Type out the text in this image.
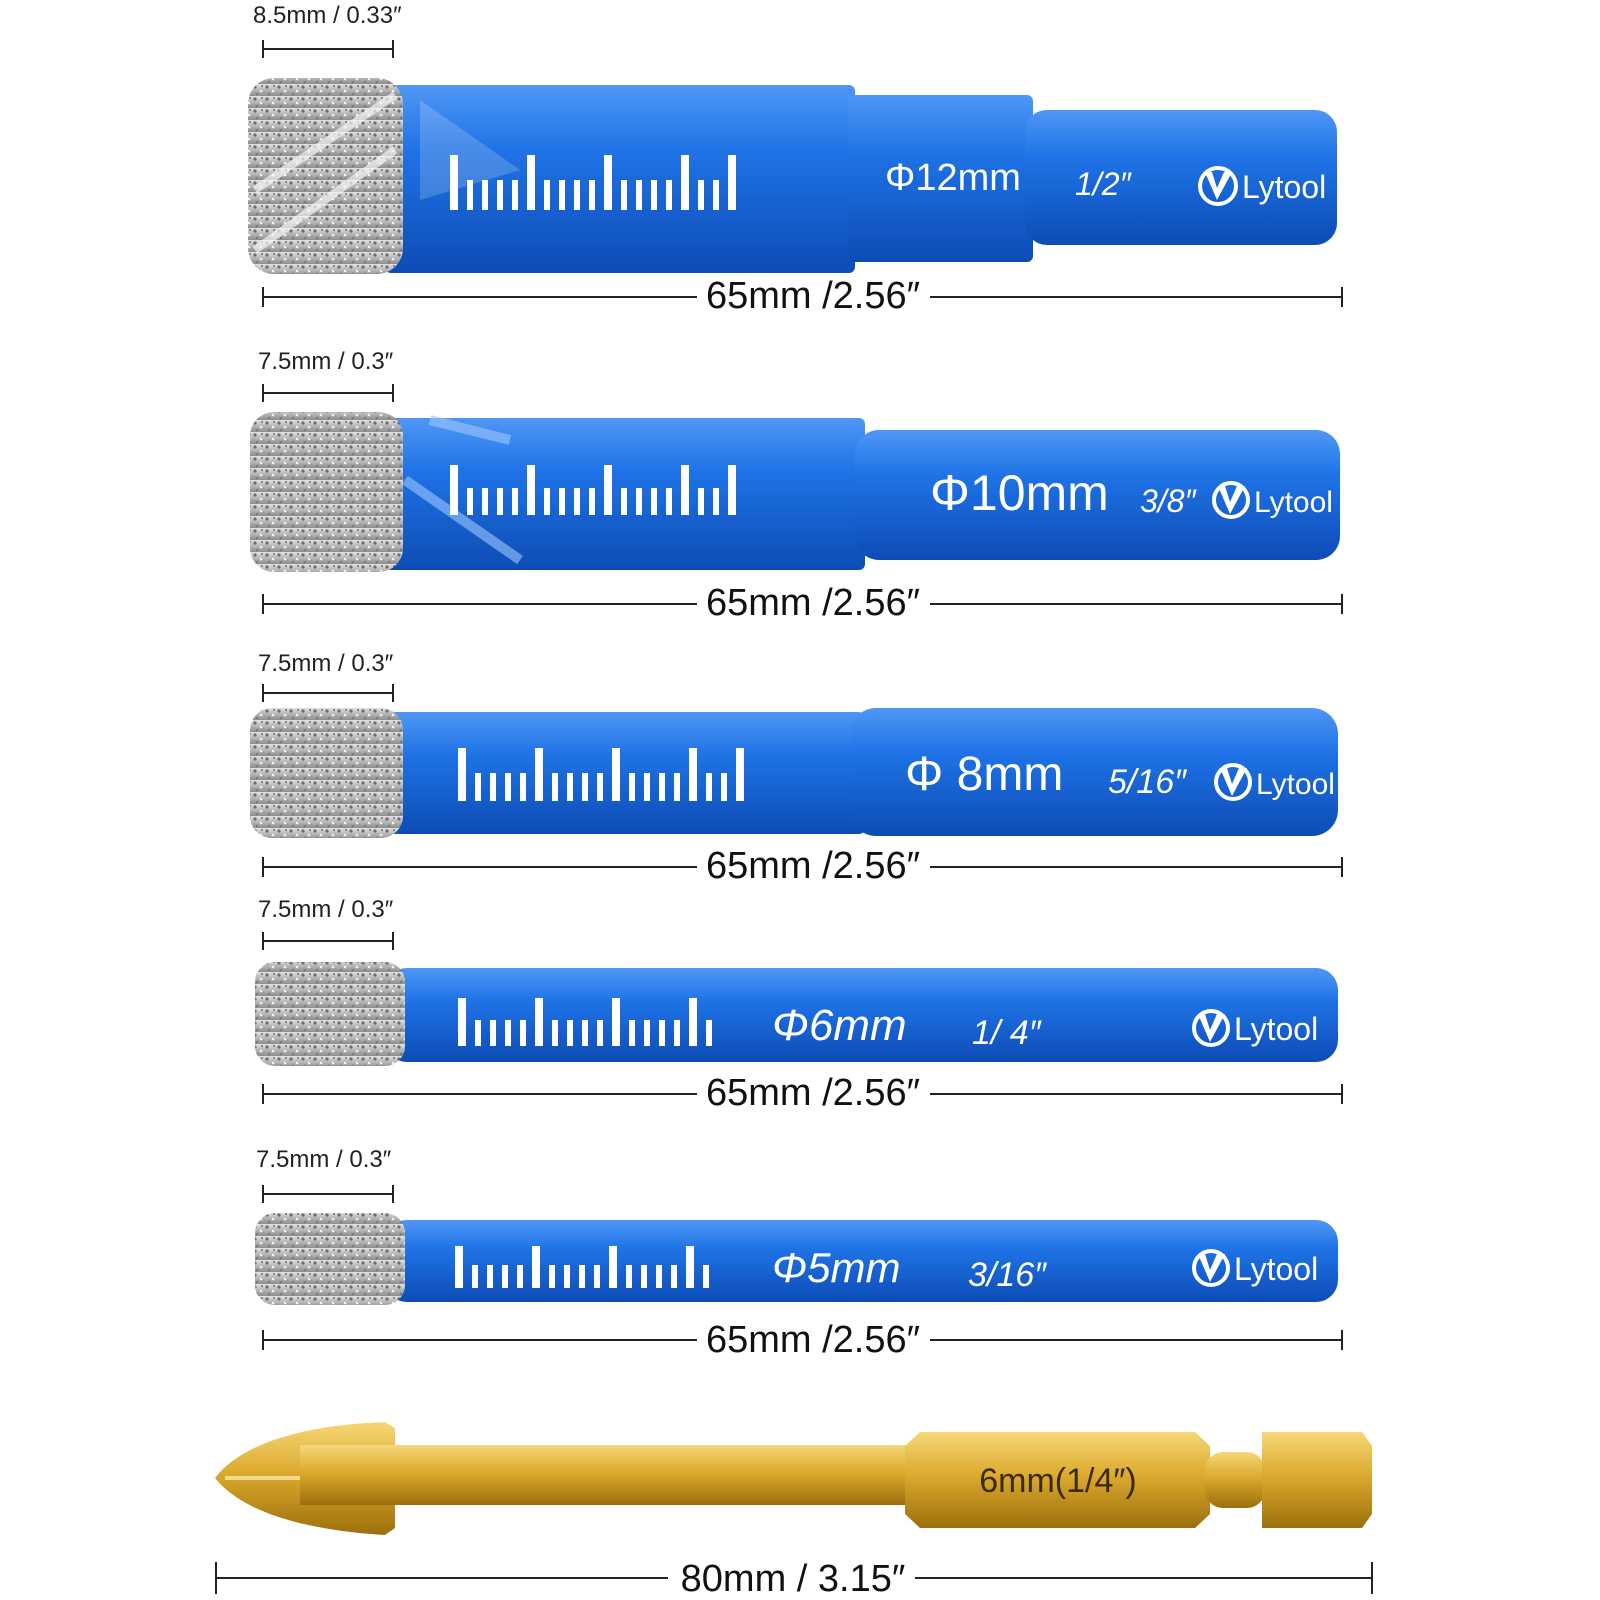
8.5mm / 0.33″
Φ12mm 1/2″	Lytool
65mm /2.56″
7.5mm / 0.3″
Φ10mm 3/8″ Lytool
65mm /2.56″
7.5mm / 0.3″
Φ 8mm 5/16″ Lytool
65mm /2.56″
7.5mm / 0.3″
Φ6mm 1/ 4″	Lytool
65mm /2.56″
7.5mm / 0.3″
Φ5mm 3/16″	Lytool
65mm /2.56″
6mm(1/4″)
80mm / 3.15″
